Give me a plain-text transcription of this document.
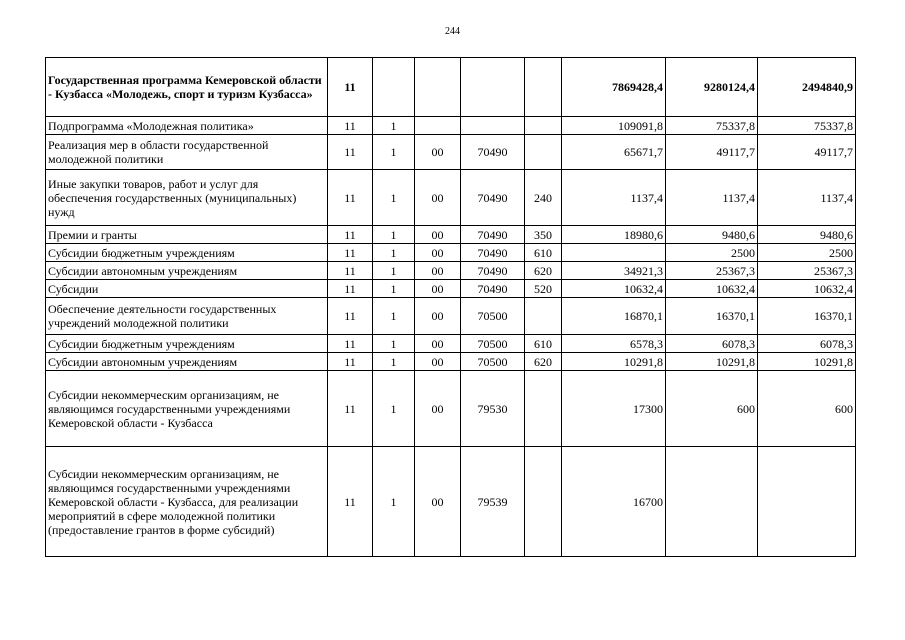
244
Государственная программа Кемеровской области - Кузбасса «Молодежь, спорт и туризм Кузбасса»	11					7869428,4	9280124,4	2494840,9
Подпрограмма «Молодежная политика»	11	1				109091,8	75337,8	75337,8
Реализация мер в области государственной молодежной политики	11	1	00	70490		65671,7	49117,7	49117,7
Иные закупки товаров, работ и услуг для обеспечения государственных (муниципальных) нужд	11	1	00	70490	240	1137,4	1137,4	1137,4
Премии и гранты	11	1	00	70490	350	18980,6	9480,6	9480,6
Субсидии бюджетным учреждениям	11	1	00	70490	610		2500	2500
Субсидии автономным учреждениям	11	1	00	70490	620	34921,3	25367,3	25367,3
Субсидии	11	1	00	70490	520	10632,4	10632,4	10632,4
Обеспечение деятельности государственных учреждений молодежной политики	11	1	00	70500		16870,1	16370,1	16370,1
Субсидии бюджетным учреждениям	11	1	00	70500	610	6578,3	6078,3	6078,3
Субсидии автономным учреждениям	11	1	00	70500	620	10291,8	10291,8	10291,8
Субсидии некоммерческим организациям, не являющимся государственными учреждениями Кемеровской области - Кузбасса	11	1	00	79530		17300	600	600
Субсидии некоммерческим организациям, не являющимся государственными учреждениями Кемеровской области - Кузбасса, для реализации мероприятий в сфере молодежной политики (предоставление грантов в форме субсидий)	11	1	00	79539		16700		
